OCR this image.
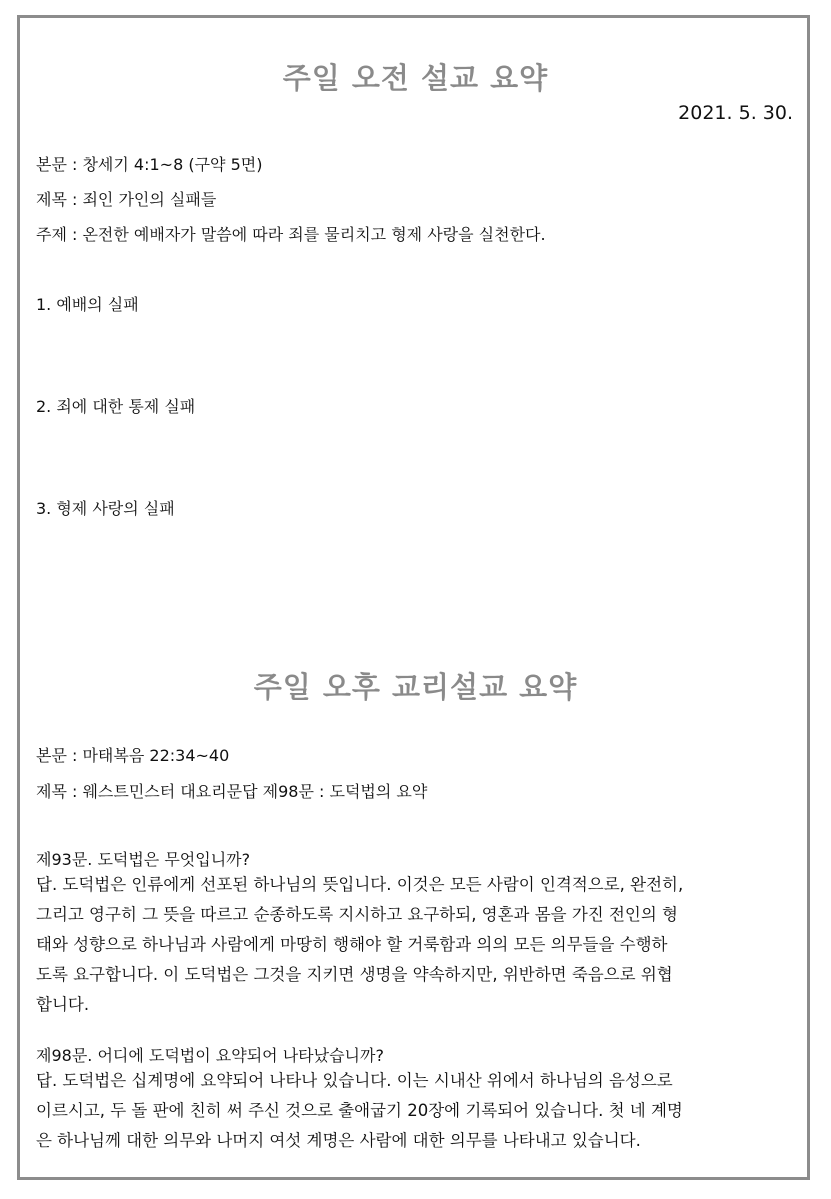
주일 오전 설교 요약
2021. 5. 30.
본문 : 창세기 4:1~8 (구약 5면)
제목 : 죄인 가인의 실패들
주제 : 온전한 예배자가 말씀에 따라 죄를 물리치고 형제 사랑을 실천한다.
1. 예배의 실패
2. 죄에 대한 통제 실패
3. 형제 사랑의 실패
주일 오후 교리설교 요약
본문 : 마태복음 22:34~40
제목 : 웨스트민스터 대요리문답 제98문 : 도덕법의 요약
제93문. 도덕법은 무엇입니까?
답. 도덕법은 인류에게 선포된 하나님의 뜻입니다. 이것은 모든 사람이 인격적으로, 완전히,
그리고 영구히 그 뜻을 따르고 순종하도록 지시하고 요구하되, 영혼과 몸을 가진 전인의 형
태와 성향으로 하나님과 사람에게 마땅히 행해야 할 거룩함과 의의 모든 의무들을 수행하
도록 요구합니다. 이 도덕법은 그것을 지키면 생명을 약속하지만, 위반하면 죽음으로 위협
합니다.
제98문. 어디에 도덕법이 요약되어 나타났습니까?
답. 도덕법은 십계명에 요약되어 나타나 있습니다. 이는 시내산 위에서 하나님의 음성으로
이르시고, 두 돌 판에 친히 써 주신 것으로 출애굽기 20장에 기록되어 있습니다. 첫 네 계명
은 하나님께 대한 의무와 나머지 여섯 계명은 사람에 대한 의무를 나타내고 있습니다.
